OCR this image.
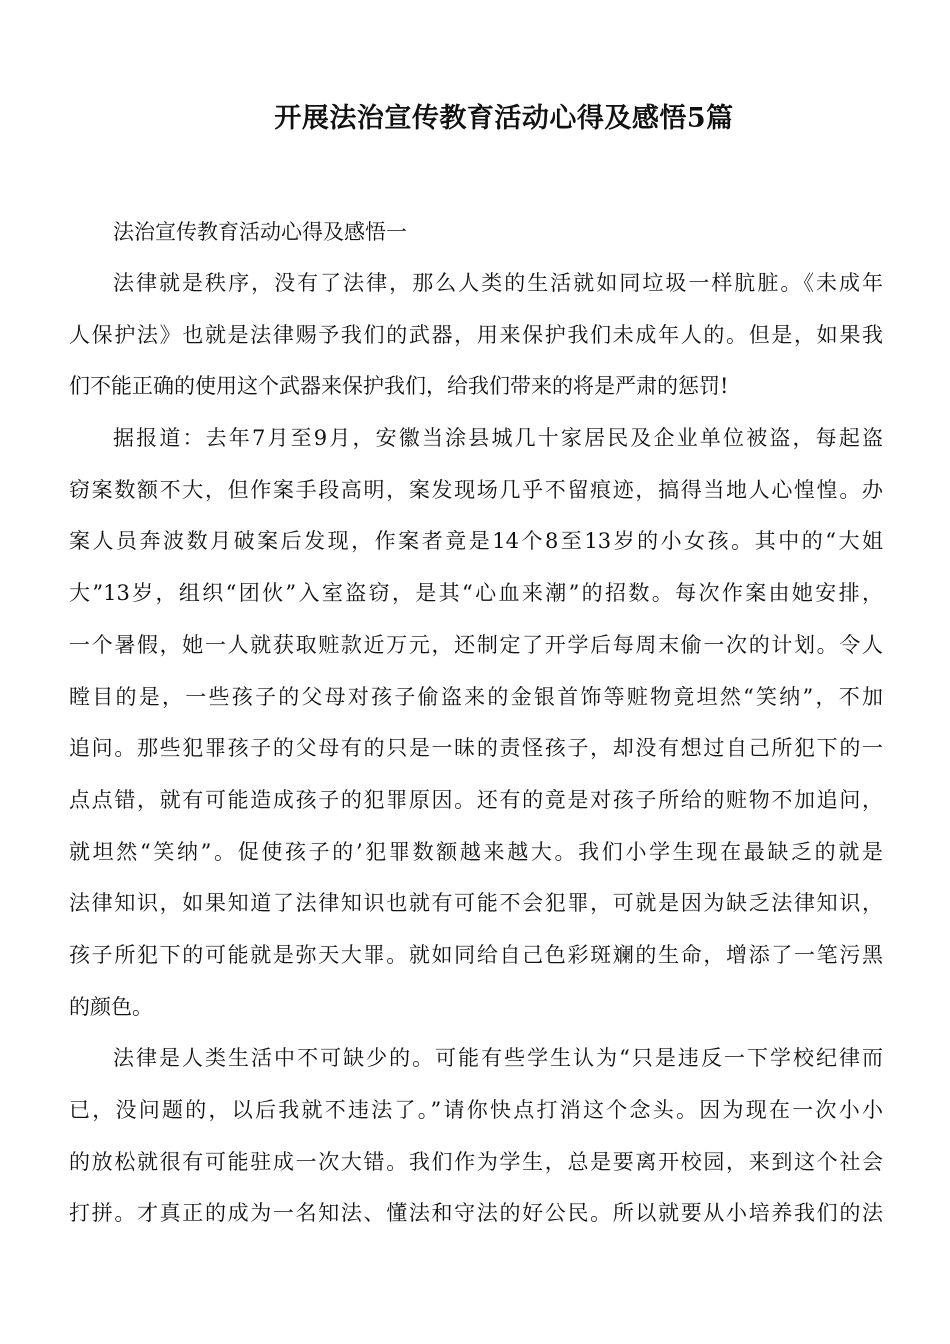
开展法治宣传教育活动心得及感悟5篇

法治宣传教育活动心得及感悟一

法律就是秩序，没有了法律，那么人类的生活就如同垃圾一样肮脏。《未成年

人保护法》也就是法律赐予我们的武器，用来保护我们未成年人的。但是，如果我

们不能正确的使用这个武器来保护我们，给我们带来的将是严肃的惩罚!

据报道：去年7月至9月，安徽当涂县城几十家居民及企业单位被盗，每起盗

窃案数额不大，但作案手段高明，案发现场几乎不留痕迹，搞得当地人心惶惶。办

案人员奔波数月破案后发现，作案者竟是14个8至13岁的小女孩。其中的“大姐

大”13岁，组织“团伙”入室盗窃，是其“心血来潮”的招数。每次作案由她安排，

一个暑假，她一人就获取赃款近万元，还制定了开学后每周末偷一次的计划。令人

瞠目的是，一些孩子的父母对孩子偷盗来的金银首饰等赃物竟坦然“笑纳”，不加

追问。那些犯罪孩子的父母有的只是一昧的责怪孩子，却没有想过自己所犯下的一

点点错，就有可能造成孩子的犯罪原因。还有的竟是对孩子所给的赃物不加追问，

就坦然“笑纳”。促使孩子的’犯罪数额越来越大。我们小学生现在最缺乏的就是

法律知识，如果知道了法律知识也就有可能不会犯罪，可就是因为缺乏法律知识，

孩子所犯下的可能就是弥天大罪。就如同给自己色彩斑斓的生命，增添了一笔污黑

的颜色。

法律是人类生活中不可缺少的。可能有些学生认为“只是违反一下学校纪律而

已，没问题的，以后我就不违法了。”请你快点打消这个念头。因为现在一次小小

的放松就很有可能驻成一次大错。我们作为学生，总是要离开校园，来到这个社会

打拼。才真正的成为一名知法、懂法和守法的好公民。所以就要从小培养我们的法
